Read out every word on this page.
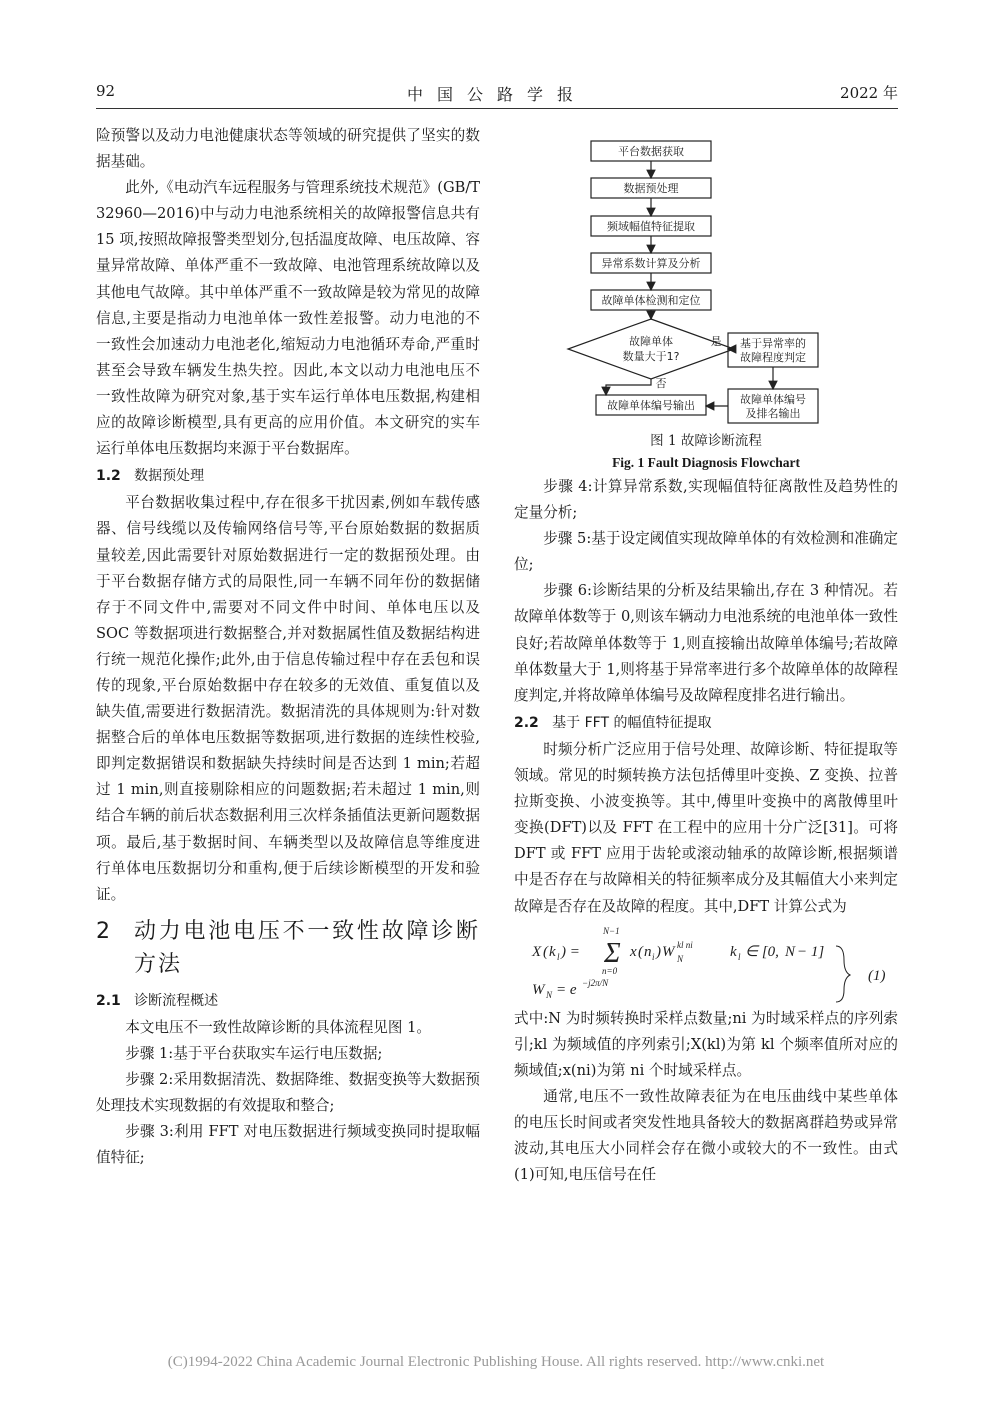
92	中国公路学报	2022 年

险预警以及动力电池健康状态等领域的研究提供了坚实的数据基础。

此外,《电动汽车远程服务与管理系统技术规范》(GB/T 32960—2016)中与动力电池系统相关的故障报警信息共有 15 项,按照故障报警类型划分,包括温度故障、电压故障、容量异常故障、单体严重不一致故障、电池管理系统故障以及其他电气故障。其中单体严重不一致故障是较为常见的故障信息,主要是指动力电池单体一致性差报警。动力电池的不一致性会加速动力电池老化,缩短动力电池循环寿命,严重时甚至会导致车辆发生热失控。因此,本文以动力电池电压不一致性故障为研究对象,基于实车运行单体电压数据,构建相应的故障诊断模型,具有更高的应用价值。本文研究的实车运行单体电压数据均来源于平台数据库。

1.2 数据预处理

平台数据收集过程中,存在很多干扰因素,例如车载传感器、信号线缆以及传输网络信号等,平台原始数据的数据质量较差,因此需要针对原始数据进行一定的数据预处理。由于平台数据存储方式的局限性,同一车辆不同年份的数据储存于不同文件中,需要对不同文件中时间、单体电压以及 SOC 等数据项进行数据整合,并对数据属性值及数据结构进行统一规范化操作;此外,由于信息传输过程中存在丢包和误传的现象,平台原始数据中存在较多的无效值、重复值以及缺失值,需要进行数据清洗。数据清洗的具体规则为:针对数据整合后的单体电压数据等数据项,进行数据的连续性校验,即判定数据错误和数据缺失持续时间是否达到 1 min;若超过 1 min,则直接剔除相应的问题数据;若未超过 1 min,则结合车辆的前后状态数据利用三次样条插值法更新问题数据项。最后,基于数据时间、车辆类型以及故障信息等维度进行单体电压数据切分和重构,便于后续诊断模型的开发和验证。

2	动力电池电压不一致性故障诊断方法
2.1 诊断流程概述

本文电压不一致性故障诊断的具体流程见图 1。

步骤 1:基于平台获取实车运行电压数据;

步骤 2:采用数据清洗、数据降维、数据变换等大数据预处理技术实现数据的有效提取和整合;

步骤 3:利用 FFT 对电压数据进行频域变换同时提取幅值特征;

平台数据获取
数据预处理
频域幅值特征提取
异常系数计算及分析
故障单体检测和定位
故障单体
数量大于1?
基于异常率的
故障程度判定
故障单体编号
及排名输出
故障单体编号输出
是
否
图 1 故障诊断流程
Fig. 1 Fault Diagnosis Flowchart

步骤 4:计算异常系数,实现幅值特征离散性及趋势性的定量分析;

步骤 5:基于设定阈值实现故障单体的有效检测和准确定位;

步骤 6:诊断结果的分析及结果输出,存在 3 种情况。若故障单体数等于 0,则该车辆动力电池系统的电池单体一致性良好;若故障单体数等于 1,则直接输出故障单体编号;若故障单体数量大于 1,则将基于异常率进行多个故障单体的故障程度判定,并将故障单体编号及故障程度排名进行输出。

2.2 基于 FFT 的幅值特征提取

时频分析广泛应用于信号处理、故障诊断、特征提取等领域。常见的时频转换方法包括傅里叶变换、Z 变换、拉普拉斯变换、小波变换等。其中,傅里叶变换中的离散傅里叶变换(DFT)以及 FFT 在工程中的应用十分广泛[31]。可将 DFT 或 FFT 应用于齿轮或滚动轴承的故障诊断,根据频谱中是否存在与故障相关的特征频率成分及其幅值大小来判定故障是否存在及故障的程度。其中,DFT 计算公式为

X ( k l ) = Σ
N−1
n=0
x ( n i ) W kl ni
N	k l ∈ [0, N − 1]
W N = e −j2π/N	(1)

式中:N 为时频转换时采样点数量;ni 为时域采样点的序列索引;kl 为频域值的序列索引;X(kl)为第 kl 个频率值所对应的频域值;x(ni)为第 ni 个时域采样点。

通常,电压不一致性故障表征为在电压曲线中某些单体的电压长时间或者突发性地具备较大的数据离群趋势或异常波动,其电压大小同样会存在微小或较大的不一致性。由式(1)可知,电压信号在任

(C)1994-2022 China Academic Journal Electronic Publishing House. All rights reserved. http://www.cnki.net
